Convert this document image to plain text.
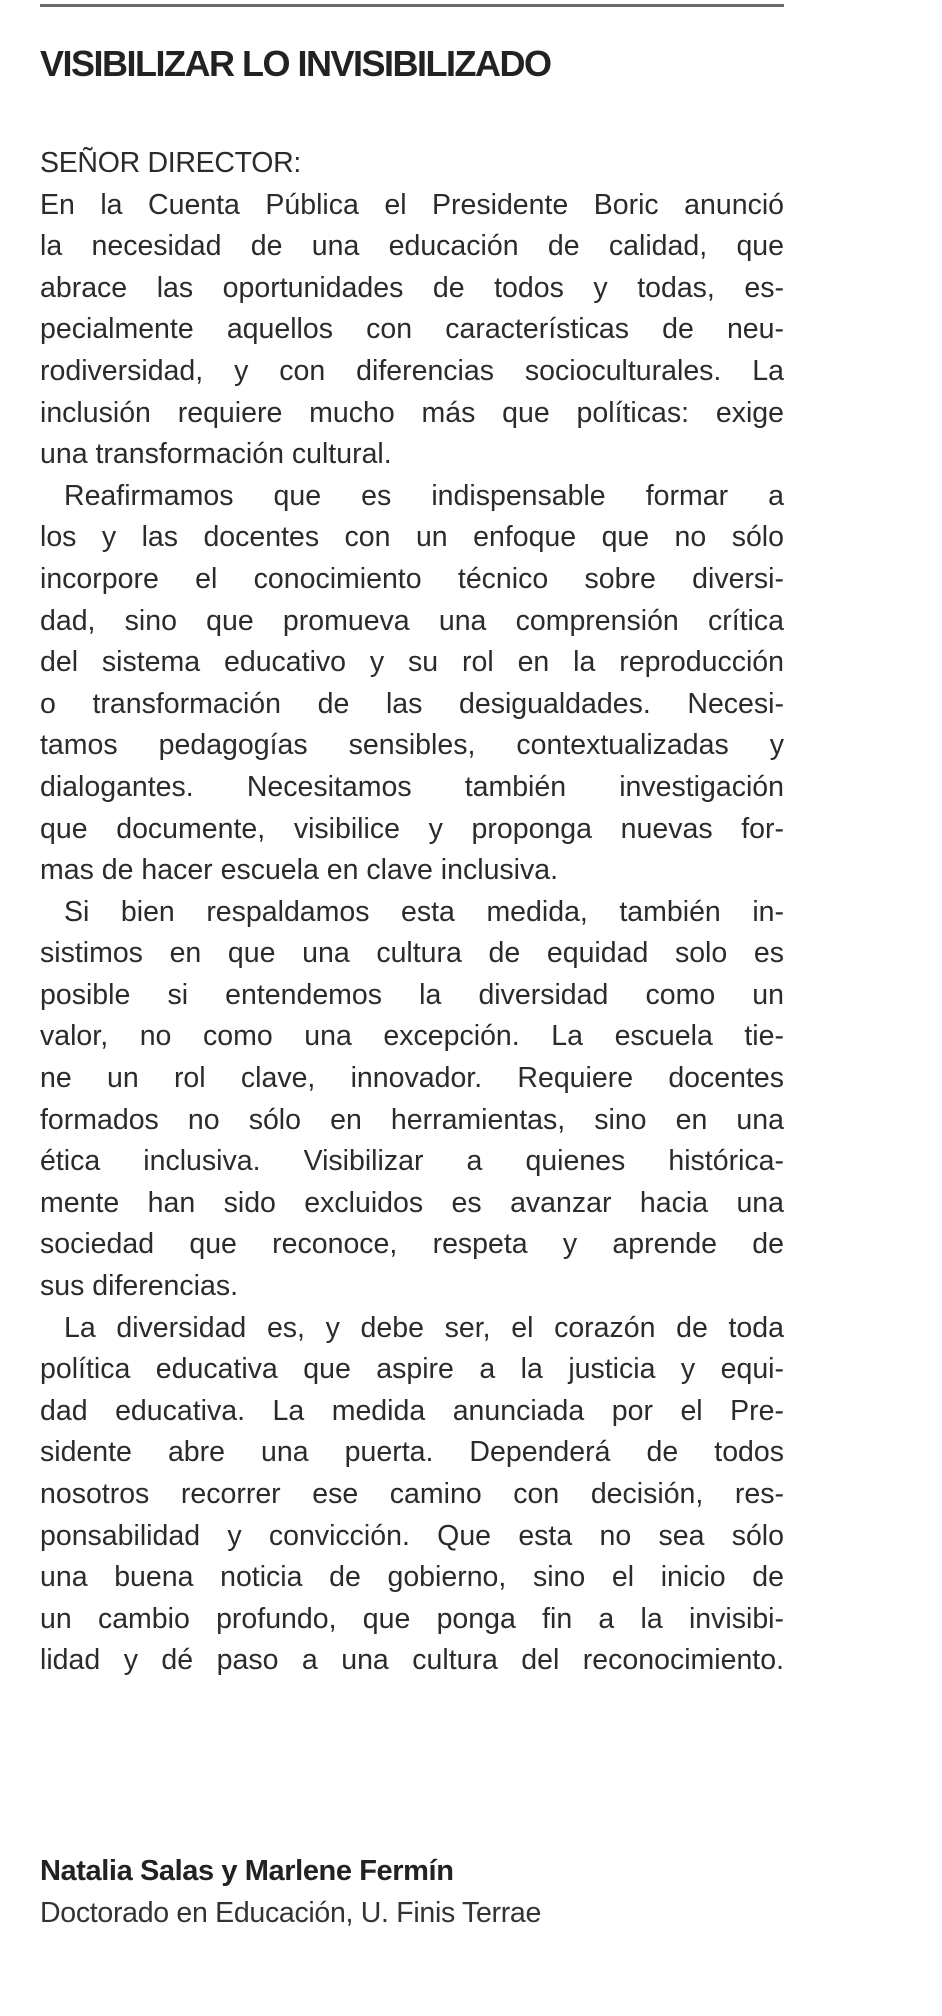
VISIBILIZAR LO INVISIBILIZADO

SEÑOR DIRECTOR:

En la Cuenta Pública el Presidente Boric anunció
la necesidad de una educación de calidad, que
abrace las oportunidades de todos y todas, es-
pecialmente aquellos con características de neu-
rodiversidad, y con diferencias socioculturales. La
inclusión requiere mucho más que políticas: exige
una transformación cultural.

Reafirmamos que es indispensable formar a
los y las docentes con un enfoque que no sólo
incorpore el conocimiento técnico sobre diversi-
dad, sino que promueva una comprensión crítica
del sistema educativo y su rol en la reproducción
o transformación de las desigualdades. Necesi-
tamos pedagogías sensibles, contextualizadas y
dialogantes. Necesitamos también investigación
que documente, visibilice y proponga nuevas for-
mas de hacer escuela en clave inclusiva.

Si bien respaldamos esta medida, también in-
sistimos en que una cultura de equidad solo es
posible si entendemos la diversidad como un
valor, no como una excepción. La escuela tie-
ne un rol clave, innovador. Requiere docentes
formados no sólo en herramientas, sino en una
ética inclusiva. Visibilizar a quienes histórica-
mente han sido excluidos es avanzar hacia una
sociedad que reconoce, respeta y aprende de
sus diferencias.

La diversidad es, y debe ser, el corazón de toda
política educativa que aspire a la justicia y equi-
dad educativa. La medida anunciada por el Pre-
sidente abre una puerta. Dependerá de todos
nosotros recorrer ese camino con decisión, res-
ponsabilidad y convicción. Que esta no sea sólo
una buena noticia de gobierno, sino el inicio de
un cambio profundo, que ponga fin a la invisibi-
lidad y dé paso a una cultura del reconocimiento.

Natalia Salas y Marlene Fermín

Doctorado en Educación, U. Finis Terrae
